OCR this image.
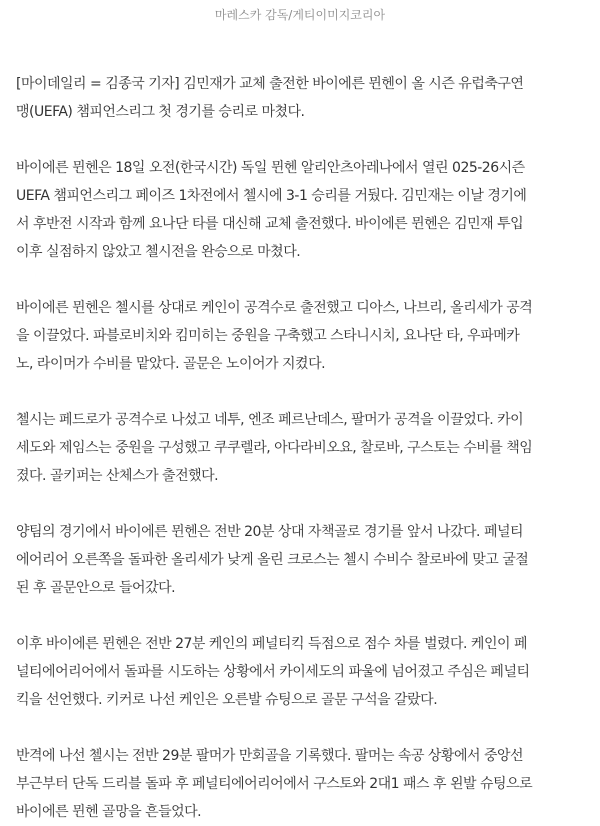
마레스카 감독/게티이미지코리아

[마이데일리 = 김종국 기자] 김민재가 교체 출전한 바이에른 뮌헨이 올 시즌 유럽축구연
맹(UEFA) 챔피언스리그 첫 경기를 승리로 마쳤다.

바이에른 뮌헨은 18일 오전(한국시간) 독일 뮌헨 알리안츠아레나에서 열린 025-26시즌
UEFA 챔피언스리그 페이즈 1차전에서 첼시에 3-1 승리를 거뒀다. 김민재는 이날 경기에
서 후반전 시작과 함께 요나단 타를 대신해 교체 출전했다. 바이에른 뮌헨은 김민재 투입
이후 실점하지 않았고 첼시전을 완승으로 마쳤다.

바이에른 뮌헨은 첼시를 상대로 케인이 공격수로 출전했고 디아스, 나브리, 올리세가 공격
을 이끌었다. 파블로비치와 킴미히는 중원을 구축했고 스타니시치, 요나단 타, 우파메카
노, 라이머가 수비를 맡았다. 골문은 노이어가 지켰다.

첼시는 페드로가 공격수로 나섰고 네투, 엔조 페르난데스, 팔머가 공격을 이끌었다. 카이
세도와 제임스는 중원을 구성했고 쿠쿠렐라, 아다라비오요, 찰로바, 구스토는 수비를 책임
졌다. 골키퍼는 산체스가 출전했다.

양팀의 경기에서 바이에른 뮌헨은 전반 20분 상대 자책골로 경기를 앞서 나갔다. 페널티
에어리어 오른쪽을 돌파한 올리세가 낮게 올린 크로스는 첼시 수비수 찰로바에 맞고 굴절
된 후 골문안으로 들어갔다.

이후 바이에른 뮌헨은 전반 27분 케인의 페널티킥 득점으로 점수 차를 벌렸다. 케인이 페
널티에어리어에서 돌파를 시도하는 상황에서 카이세도의 파울에 넘어졌고 주심은 페널티
킥을 선언했다. 키커로 나선 케인은 오른발 슈팅으로 골문 구석을 갈랐다.

반격에 나선 첼시는 전반 29분 팔머가 만회골을 기록했다. 팔머는 속공 상황에서 중앙선
부근부터 단독 드리블 돌파 후 페널티에어리어에서 구스토와 2대1 패스 후 왼발 슈팅으로
바이에른 뮌헨 골망을 흔들었다.
